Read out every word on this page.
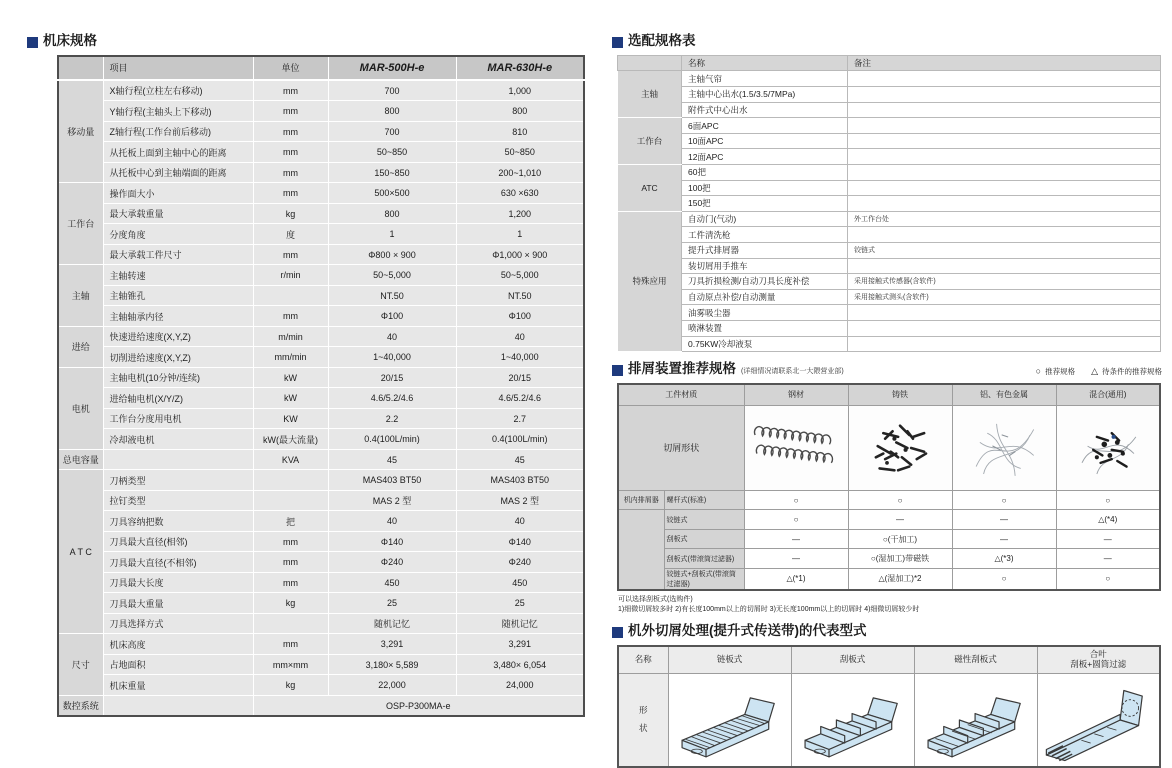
机床规格
	项目	单位	MAR-500H-e	MAR-630H-e
移动量	X轴行程(立柱左右移动)	mm	700	1,000
	Y轴行程(主轴头上下移动)	mm	800	800
	Z轴行程(工作台前后移动)	mm	700	810
	从托板上面到主轴中心的距离	mm	50~850	50~850
	从托板中心到主轴端面的距离	mm	150~850	200~1,010
工作台	操作面大小	mm	500×500	630 ×630
	最大承载重量	kg	800	1,200
	分度角度	度	1	1
	最大承载工件尺寸	mm	Φ800 × 900	Φ1,000 × 900
主轴	主轴转速	r/min	50~5,000	50~5,000
	主轴锥孔		NT.50	NT.50
	主轴轴承内径	mm	Φ100	Φ100
进给	快速进给速度(X,Y,Z)	m/min	40	40
	切削进给速度(X,Y,Z)	mm/min	1~40,000	1~40,000
电机	主轴电机(10分钟/连续)	kW	20/15	20/15
	进给轴电机(X/Y/Z)	kW	4.6/5.2/4.6	4.6/5.2/4.6
	工作台分度用电机	KW	2.2	2.7
	冷却液电机	kW(最大流量)	0.4(100L/min)	0.4(100L/min)
总电容量		KVA	45	45
A T C	刀柄类型		MAS403 BT50	MAS403 BT50
	拉钉类型		MAS 2 型	MAS 2 型
	刀具容纳把数	把	40	40
	刀具最大直径(相邻)	mm	Φ140	Φ140
	刀具最大直径(不相邻)	mm	Φ240	Φ240
	刀具最大长度	mm	450	450
	刀具最大重量	kg	25	25
	刀具选择方式		随机记忆	随机记忆
尺寸	机床高度	mm	3,291	3,291
	占地面积	mm×mm	3,180× 5,589	3,480× 6,054
	机床重量	kg	22,000	24,000
数控系统		OSP-P300MA-e		
选配规格表
	名称	备注
主轴	主轴气帘	
	主轴中心出水(1.5/3.5/7MPa)	
	附件式中心出水	
工作台	6面APC	
	10面APC	
	12面APC	
ATC	60把	
	100把	
	150把	
特殊应用	自动门(气动)	外工作台处
	工件清洗枪	
	提升式排屑器	铰链式
	装切屑用手推车	
	刀具折损检测/自动刀具长度补偿	采用接触式传感器(含软件)
	自动原点补偿/自动测量	采用接触式测头(含软件)
	油雾吸尘器	
	喷淋装置	
	0.75KW冷却液泵	
排屑装置推荐规格 (详细情况请联系北一大隈营业部)	○ 推荐规格 △ 待条件的推荐规格
工件材质		钢材	铸铁	铝、有色金属	混合(通用)
切屑形状	

机内排屑器	螺杆式(标准)	○	○	○	○
	铰链式	○	—	—	△(*4)
	刮板式	—	○(干加工)	—	—
	刮板式(带滚筒过滤器)	—	○(湿加工)带磁铁	△(*3)	—
	铰链式+刮板式(带滚筒过滤器)	△(*1)	△(湿加工)*2	○	○
可以选择刮板式(选购件)
1)细微切屑较多时 2)有长度100mm以上的切屑时 3)无长度100mm以上的切屑时 4)细微切屑较少时
机外切屑处理(提升式传送带)的代表型式
名称	链板式	刮板式	磁性刮板式	合叶
刮板+圆筒过滤
形
状	
